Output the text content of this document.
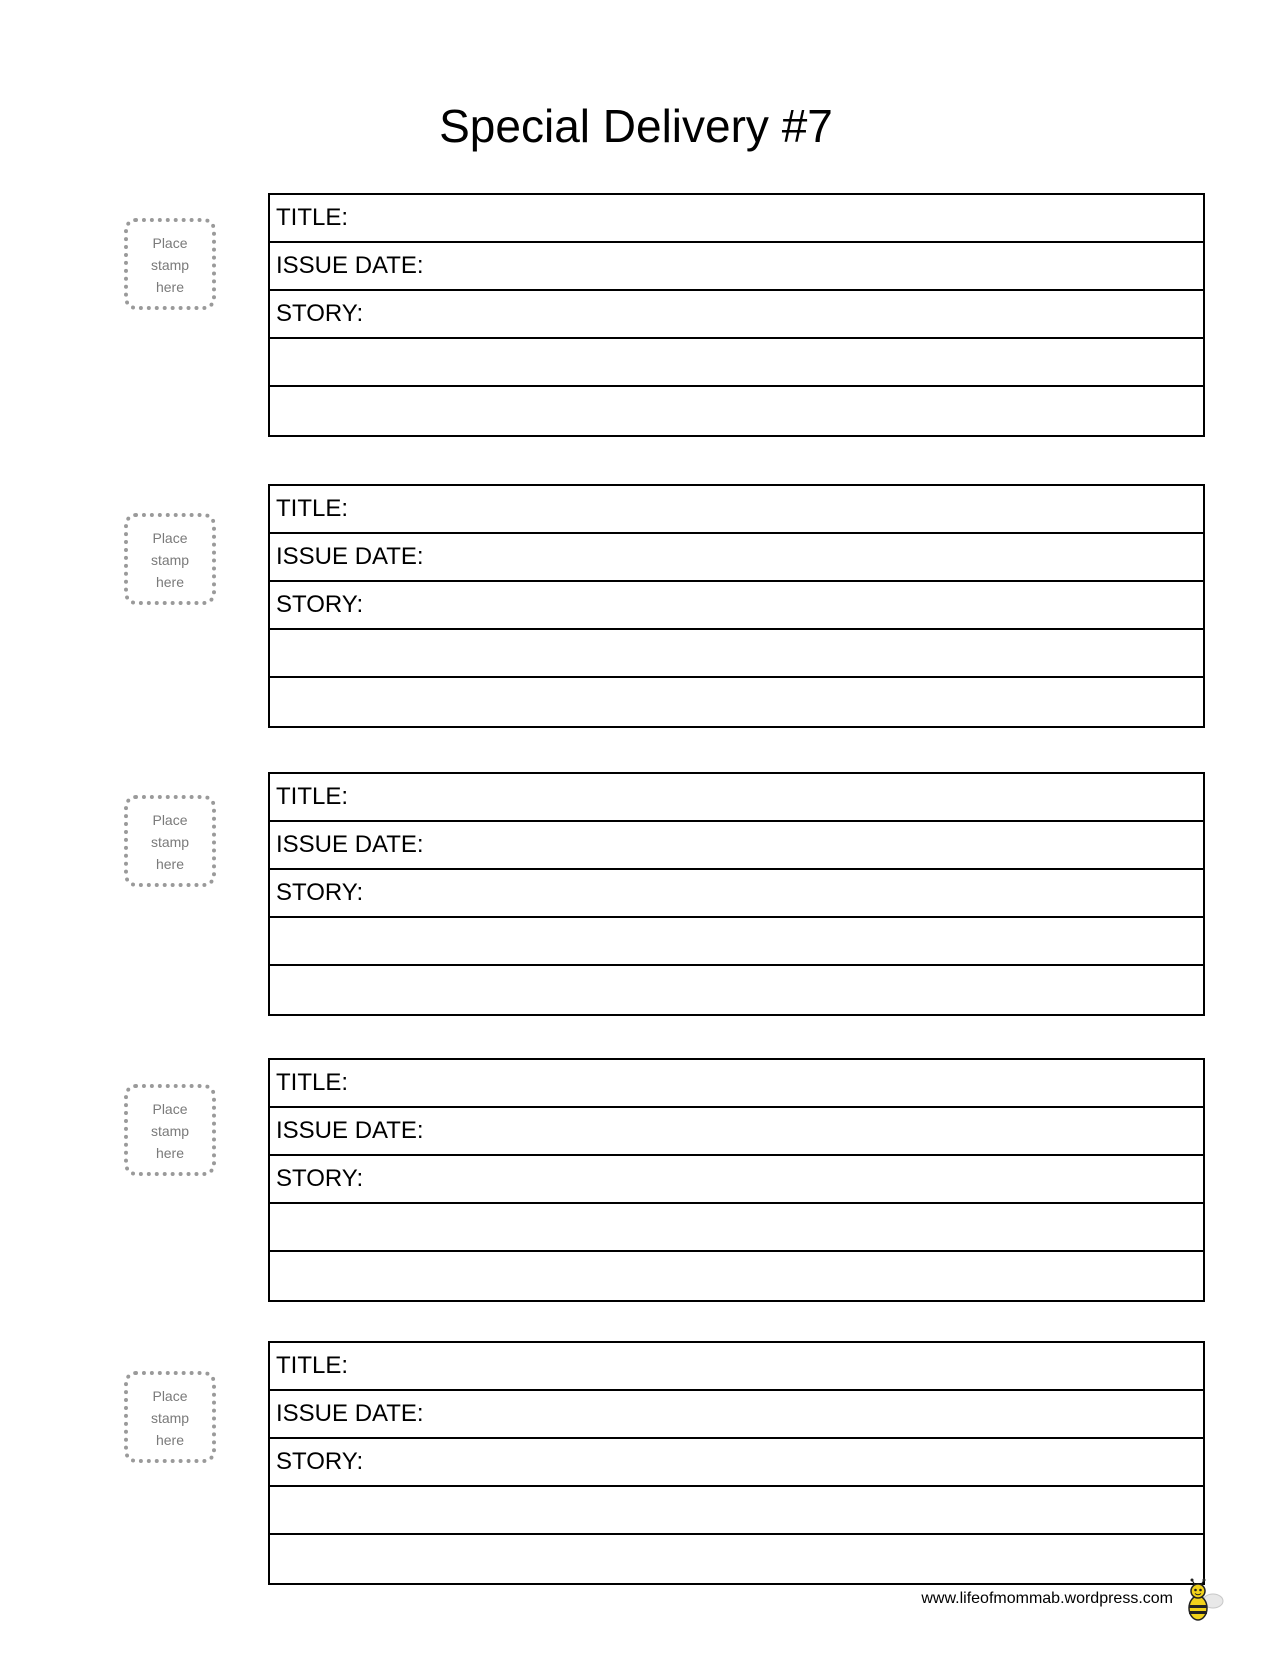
Special Delivery #7
Place
stamp
here
TITLE:
ISSUE DATE:
STORY:
Place
stamp
here
TITLE:
ISSUE DATE:
STORY:
Place
stamp
here
TITLE:
ISSUE DATE:
STORY:
Place
stamp
here
TITLE:
ISSUE DATE:
STORY:
Place
stamp
here
TITLE:
ISSUE DATE:
STORY:
www.lifeofmommab.wordpress.com
